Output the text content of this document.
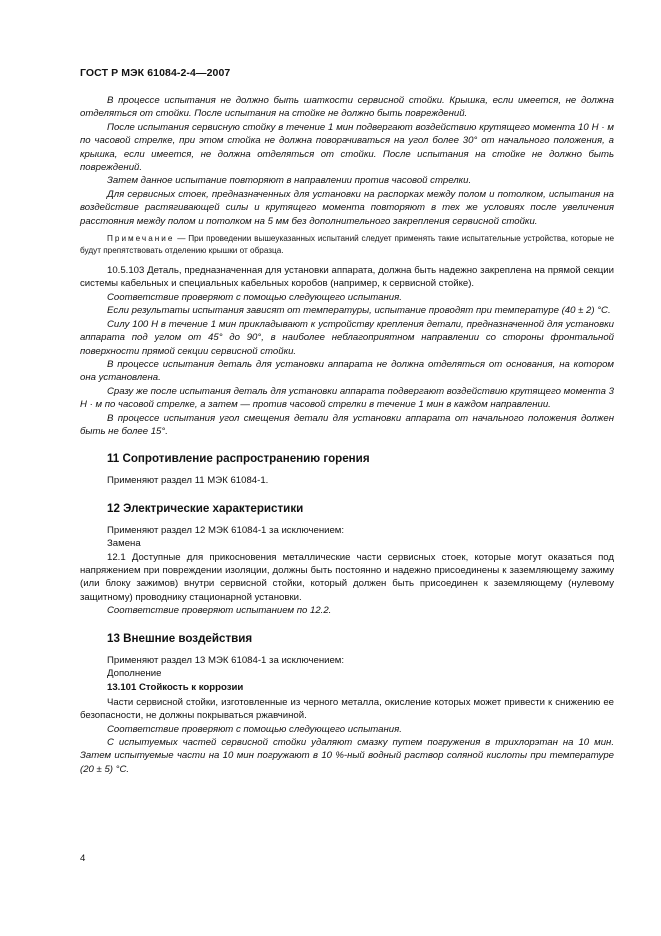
ГОСТ Р МЭК 61084-2-4—2007

В процессе испытания не должно быть шаткости сервисной стойки. Крышка, если имеется, не должна отделяться от стойки. После испытания на стойке не должно быть повреждений.

После испытания сервисную стойку в течение 1 мин подвергают воздействию крутящего момента 10 Н · м по часовой стрелке, при этом стойка не должна поворачиваться на угол более 30° от начального положения, а крышка, если имеется, не должна отделяться от стойки. После испытания на стойке не должно быть повреждений.

Затем данное испытание повторяют в направлении против часовой стрелки.

Для сервисных стоек, предназначенных для установки на распорках между полом и потолком, испытания на воздействие растягивающей силы и крутящего момента повторяют в тех же условиях после увеличения расстояния между полом и потолком на 5 мм без дополнительного закрепления сервисной стойки.

Примечание — При проведении вышеуказанных испытаний следует применять такие испытательные устройства, которые не будут препятствовать отделению крышки от образца.

10.5.103 Деталь, предназначенная для установки аппарата, должна быть надежно закреплена на прямой секции системы кабельных и специальных кабельных коробов (например, к сервисной стойке).

Соответствие проверяют с помощью следующего испытания.

Если результаты испытания зависят от температуры, испытание проводят при температуре (40 ± 2) °С.

Силу 100 Н в течение 1 мин прикладывают к устройству крепления детали, предназначенной для установки аппарата под углом от 45° до 90°, в наиболее неблагоприятном направлении со стороны фронтальной поверхности прямой секции сервисной стойки.

В процессе испытания деталь для установки аппарата не должна отделяться от основания, на котором она установлена.

Сразу же после испытания деталь для установки аппарата подвергают воздействию крутящего момента 3 Н · м по часовой стрелке, а затем — против часовой стрелки в течение 1 мин в каждом направлении.

В процессе испытания угол смещения детали для установки аппарата от начального положения должен быть не более 15°.

11 Сопротивление распространению горения

Применяют раздел 11 МЭК 61084-1.

12 Электрические характеристики

Применяют раздел 12 МЭК 61084-1 за исключением:

Замена

12.1 Доступные для прикосновения металлические части сервисных стоек, которые могут оказаться под напряжением при повреждении изоляции, должны быть постоянно и надежно присоединены к заземляющему зажиму (или блоку зажимов) внутри сервисной стойки, который должен быть присоединен к заземляющему (нулевому защитному) проводнику стационарной установки.

Соответствие проверяют испытанием по 12.2.

13 Внешние воздействия

Применяют раздел 13 МЭК 61084-1 за исключением:

Дополнение

13.101 Стойкость к коррозии

Части сервисной стойки, изготовленные из черного металла, окисление которых может привести к снижению ее безопасности, не должны покрываться ржавчиной.

Соответствие проверяют с помощью следующего испытания.

С испытуемых частей сервисной стойки удаляют смазку путем погружения в трихлорэтан на 10 мин. Затем испытуемые части на 10 мин погружают в 10 %-ный водный раствор соляной кислоты при температуре (20 ± 5) °С.

4
